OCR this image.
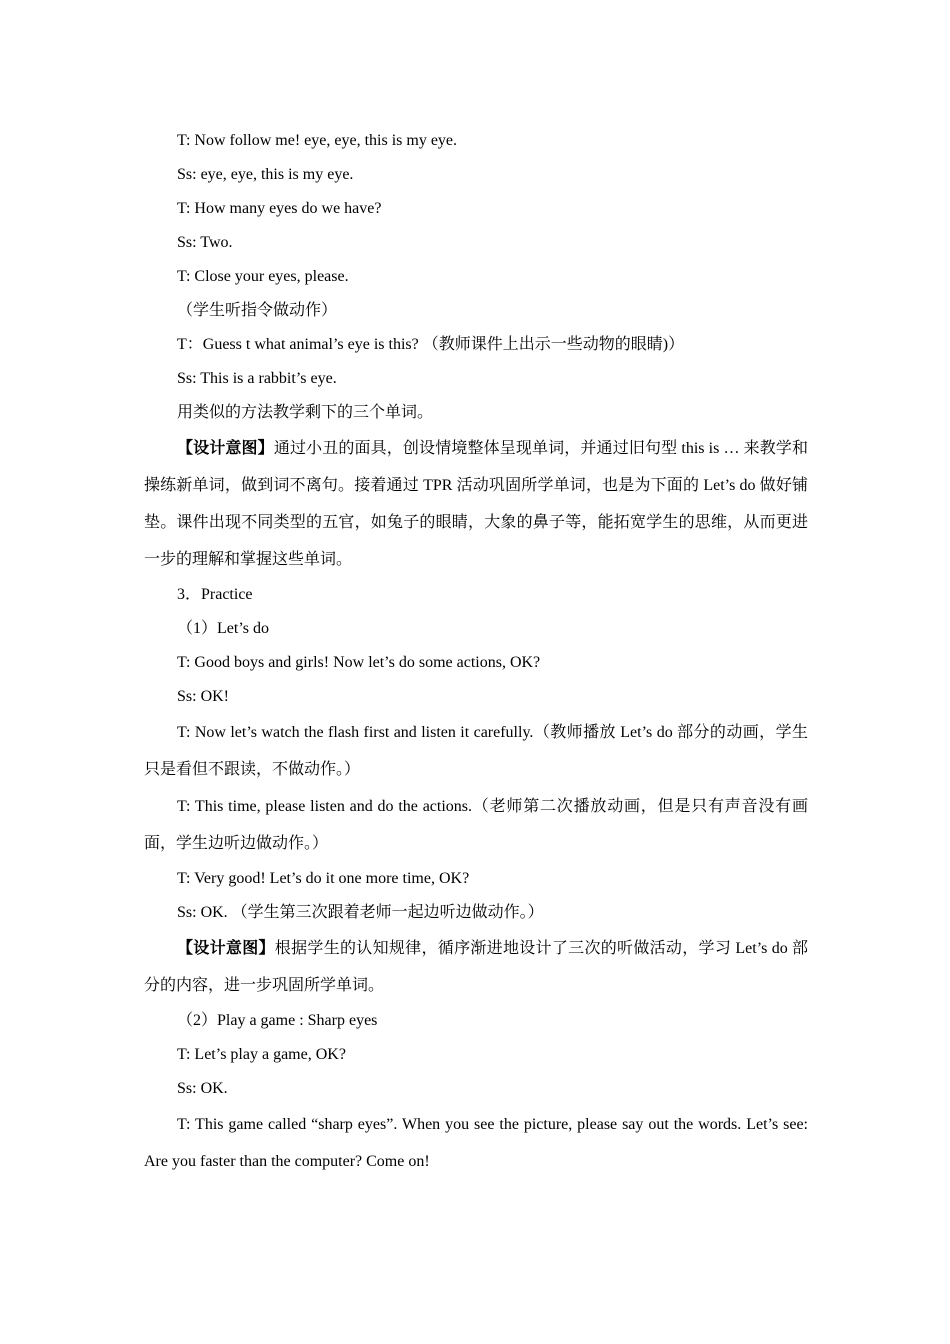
T: Now follow me! eye, eye, this is my eye.

Ss: eye, eye, this is my eye.

T: How many eyes do we have?

Ss: Two.

T: Close your eyes, please.

（学生听指令做动作）

T：Guess t what animal’s eye is this? （教师课件上出示一些动物的眼睛)）

Ss: This is a rabbit’s eye.

用类似的方法教学剩下的三个单词。

【设计意图】通过小丑的面具，创设情境整体呈现单词，并通过旧句型 this is … 来教学和操练新单词，做到词不离句。接着通过 TPR 活动巩固所学单词，也是为下面的 Let’s do 做好铺垫。课件出现不同类型的五官，如兔子的眼睛，大象的鼻子等，能拓宽学生的思维，从而更进一步的理解和掌握这些单词。

3．Practice

（1）Let’s do

T: Good boys and girls! Now let’s do some actions, OK?

Ss: OK!

T: Now let’s watch the flash first and listen it carefully.（教师播放 Let’s do 部分的动画，学生只是看但不跟读，不做动作。）

T: This time, please listen and do the actions.（老师第二次播放动画，但是只有声音没有画面，学生边听边做动作。）

T: Very good! Let’s do it one more time, OK?

Ss: OK. （学生第三次跟着老师一起边听边做动作。）

【设计意图】根据学生的认知规律，循序渐进地设计了三次的听做活动，学习 Let’s do 部分的内容，进一步巩固所学单词。

（2）Play a game : Sharp eyes

T: Let’s play a game, OK?

Ss: OK.

T: This game called “sharp eyes”. When you see the picture, please say out the words. Let’s see: Are you faster than the computer? Come on!
